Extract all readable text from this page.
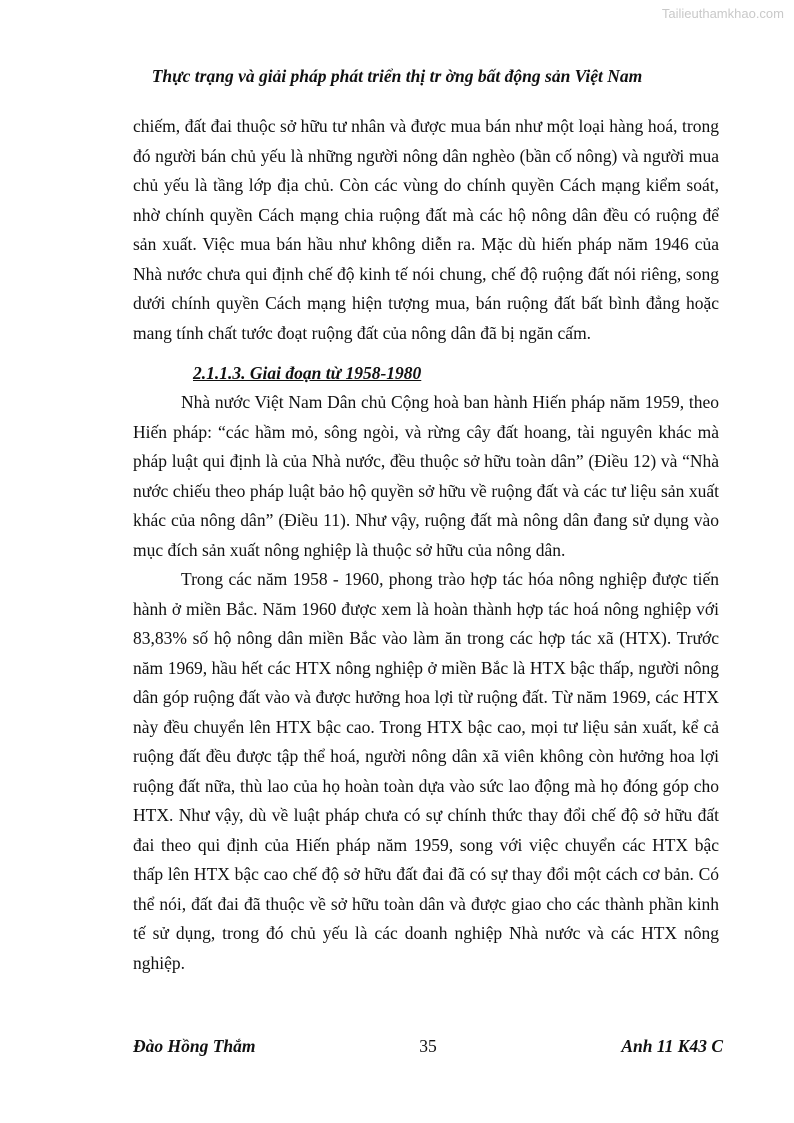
Tailieuthamkhao.com
Thực trạng và giải pháp phát triển thị tr ờng bất động sản Việt Nam

chiếm, đất đai thuộc sở hữu tư nhân và được mua bán như một loại hàng hoá, trong đó người bán chủ yếu là những người nông dân nghèo (bần cố nông) và người mua chủ yếu là tầng lớp địa chủ. Còn các vùng do chính quyền Cách mạng kiểm soát, nhờ chính quyền Cách mạng chia ruộng đất mà các hộ nông dân đều có ruộng để sản xuất. Việc mua bán hầu như không diễn ra. Mặc dù hiến pháp năm 1946 của Nhà nước chưa qui định chế độ kinh tế nói chung, chế độ ruộng đất nói riêng, song dưới chính quyền Cách mạng hiện tượng mua, bán ruộng đất bất bình đẳng hoặc mang tính chất tước đoạt ruộng đất của nông dân đã bị ngăn cấm.

2.1.1.3. Giai đoạn từ 1958-1980

Nhà nước Việt Nam Dân chủ Cộng hoà ban hành Hiến pháp năm 1959, theo Hiến pháp: “các hầm mỏ, sông ngòi, và rừng cây đất hoang, tài nguyên khác mà pháp luật qui định là của Nhà nước, đều thuộc sở hữu toàn dân” (Điều 12) và “Nhà nước chiếu theo pháp luật bảo hộ quyền sở hữu về ruộng đất và các tư liệu sản xuất khác của nông dân” (Điều 11). Như vậy, ruộng đất mà nông dân đang sử dụng vào mục đích sản xuất nông nghiệp là thuộc sở hữu của nông dân.

Trong các năm 1958 - 1960, phong trào hợp tác hóa nông nghiệp được tiến hành ở miền Bắc. Năm 1960 được xem là hoàn thành hợp tác hoá nông nghiệp với 83,83% số hộ nông dân miền Bắc vào làm ăn trong các hợp tác xã (HTX). Trước năm 1969, hầu hết các HTX nông nghiệp ở miền Bắc là HTX bậc thấp, người nông dân góp ruộng đất vào và được hưởng hoa lợi từ ruộng đất. Từ năm 1969, các HTX này đều chuyển lên HTX bậc cao. Trong HTX bậc cao, mọi tư liệu sản xuất, kể cả ruộng đất đều được tập thể hoá, người nông dân xã viên không còn hưởng hoa lợi ruộng đất nữa, thù lao của họ hoàn toàn dựa vào sức lao động mà họ đóng góp cho HTX. Như vậy, dù về luật pháp chưa có sự chính thức thay đổi chế độ sở hữu đất đai theo qui định của Hiến pháp năm 1959, song với việc chuyển các HTX bậc thấp lên HTX bậc cao chế độ sở hữu đất đai đã có sự thay đổi một cách cơ bản. Có thể nói, đất đai đã thuộc về sở hữu toàn dân và được giao cho các thành phần kinh tế sử dụng, trong đó chủ yếu là các doanh nghiệp Nhà nước và các HTX nông nghiệp.

35
Đào Hồng Thắm	Anh 11 K43 C
